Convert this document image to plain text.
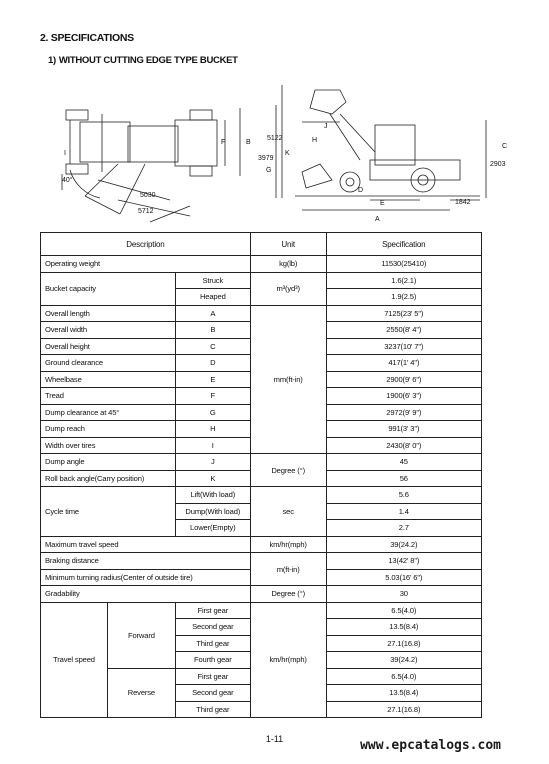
2. SPECIFICATIONS
1) WITHOUT CUTTING EDGE TYPE BUCKET
F	B
I
40°
5030
5712
J
H
K
G
3979
5122
D
E	1842
A
2903
C
Description			Unit	Specification
Operating weight			kg(lb)	11530(25410)
Bucket capacity		Struck	m³(yd³)	1.6(2.1)
		Heaped		1.9(2.5)
Overall length		A	mm(ft-in)	7125(23' 5")
Overall width		B		2550(8' 4")
Overall height		C		3237(10' 7")
Ground clearance		D		417(1' 4")
Wheelbase		E		2900(9' 6")
Tread		F		1900(6' 3")
Dump clearance at 45°		G		2972(9' 9")
Dump reach		H		991(3' 3")
Width over tires		I		2430(8' 0")
Dump angle		J	Degree (°)	45
Roll back angle(Carry position)		K		56
Cycle time		Lift(With load)	sec	5.6
		Dump(With load)		1.4
		Lower(Empty)		2.7
Maximum travel speed			km/hr(mph)	39(24.2)
Braking distance			m(ft-in)	13(42' 8")
Minimum turning radius(Center of outside tire)				5.03(16' 6")
Gradability			Degree (°)	30
Travel speed	Forward	First gear	km/hr(mph)	6.5(4.0)
		Second gear		13.5(8.4)
		Third gear		27.1(16.8)
		Fourth gear		39(24.2)
	Reverse	First gear		6.5(4.0)
		Second gear		13.5(8.4)
		Third gear		27.1(16.8)
1-11	www.epcatalogs.com
